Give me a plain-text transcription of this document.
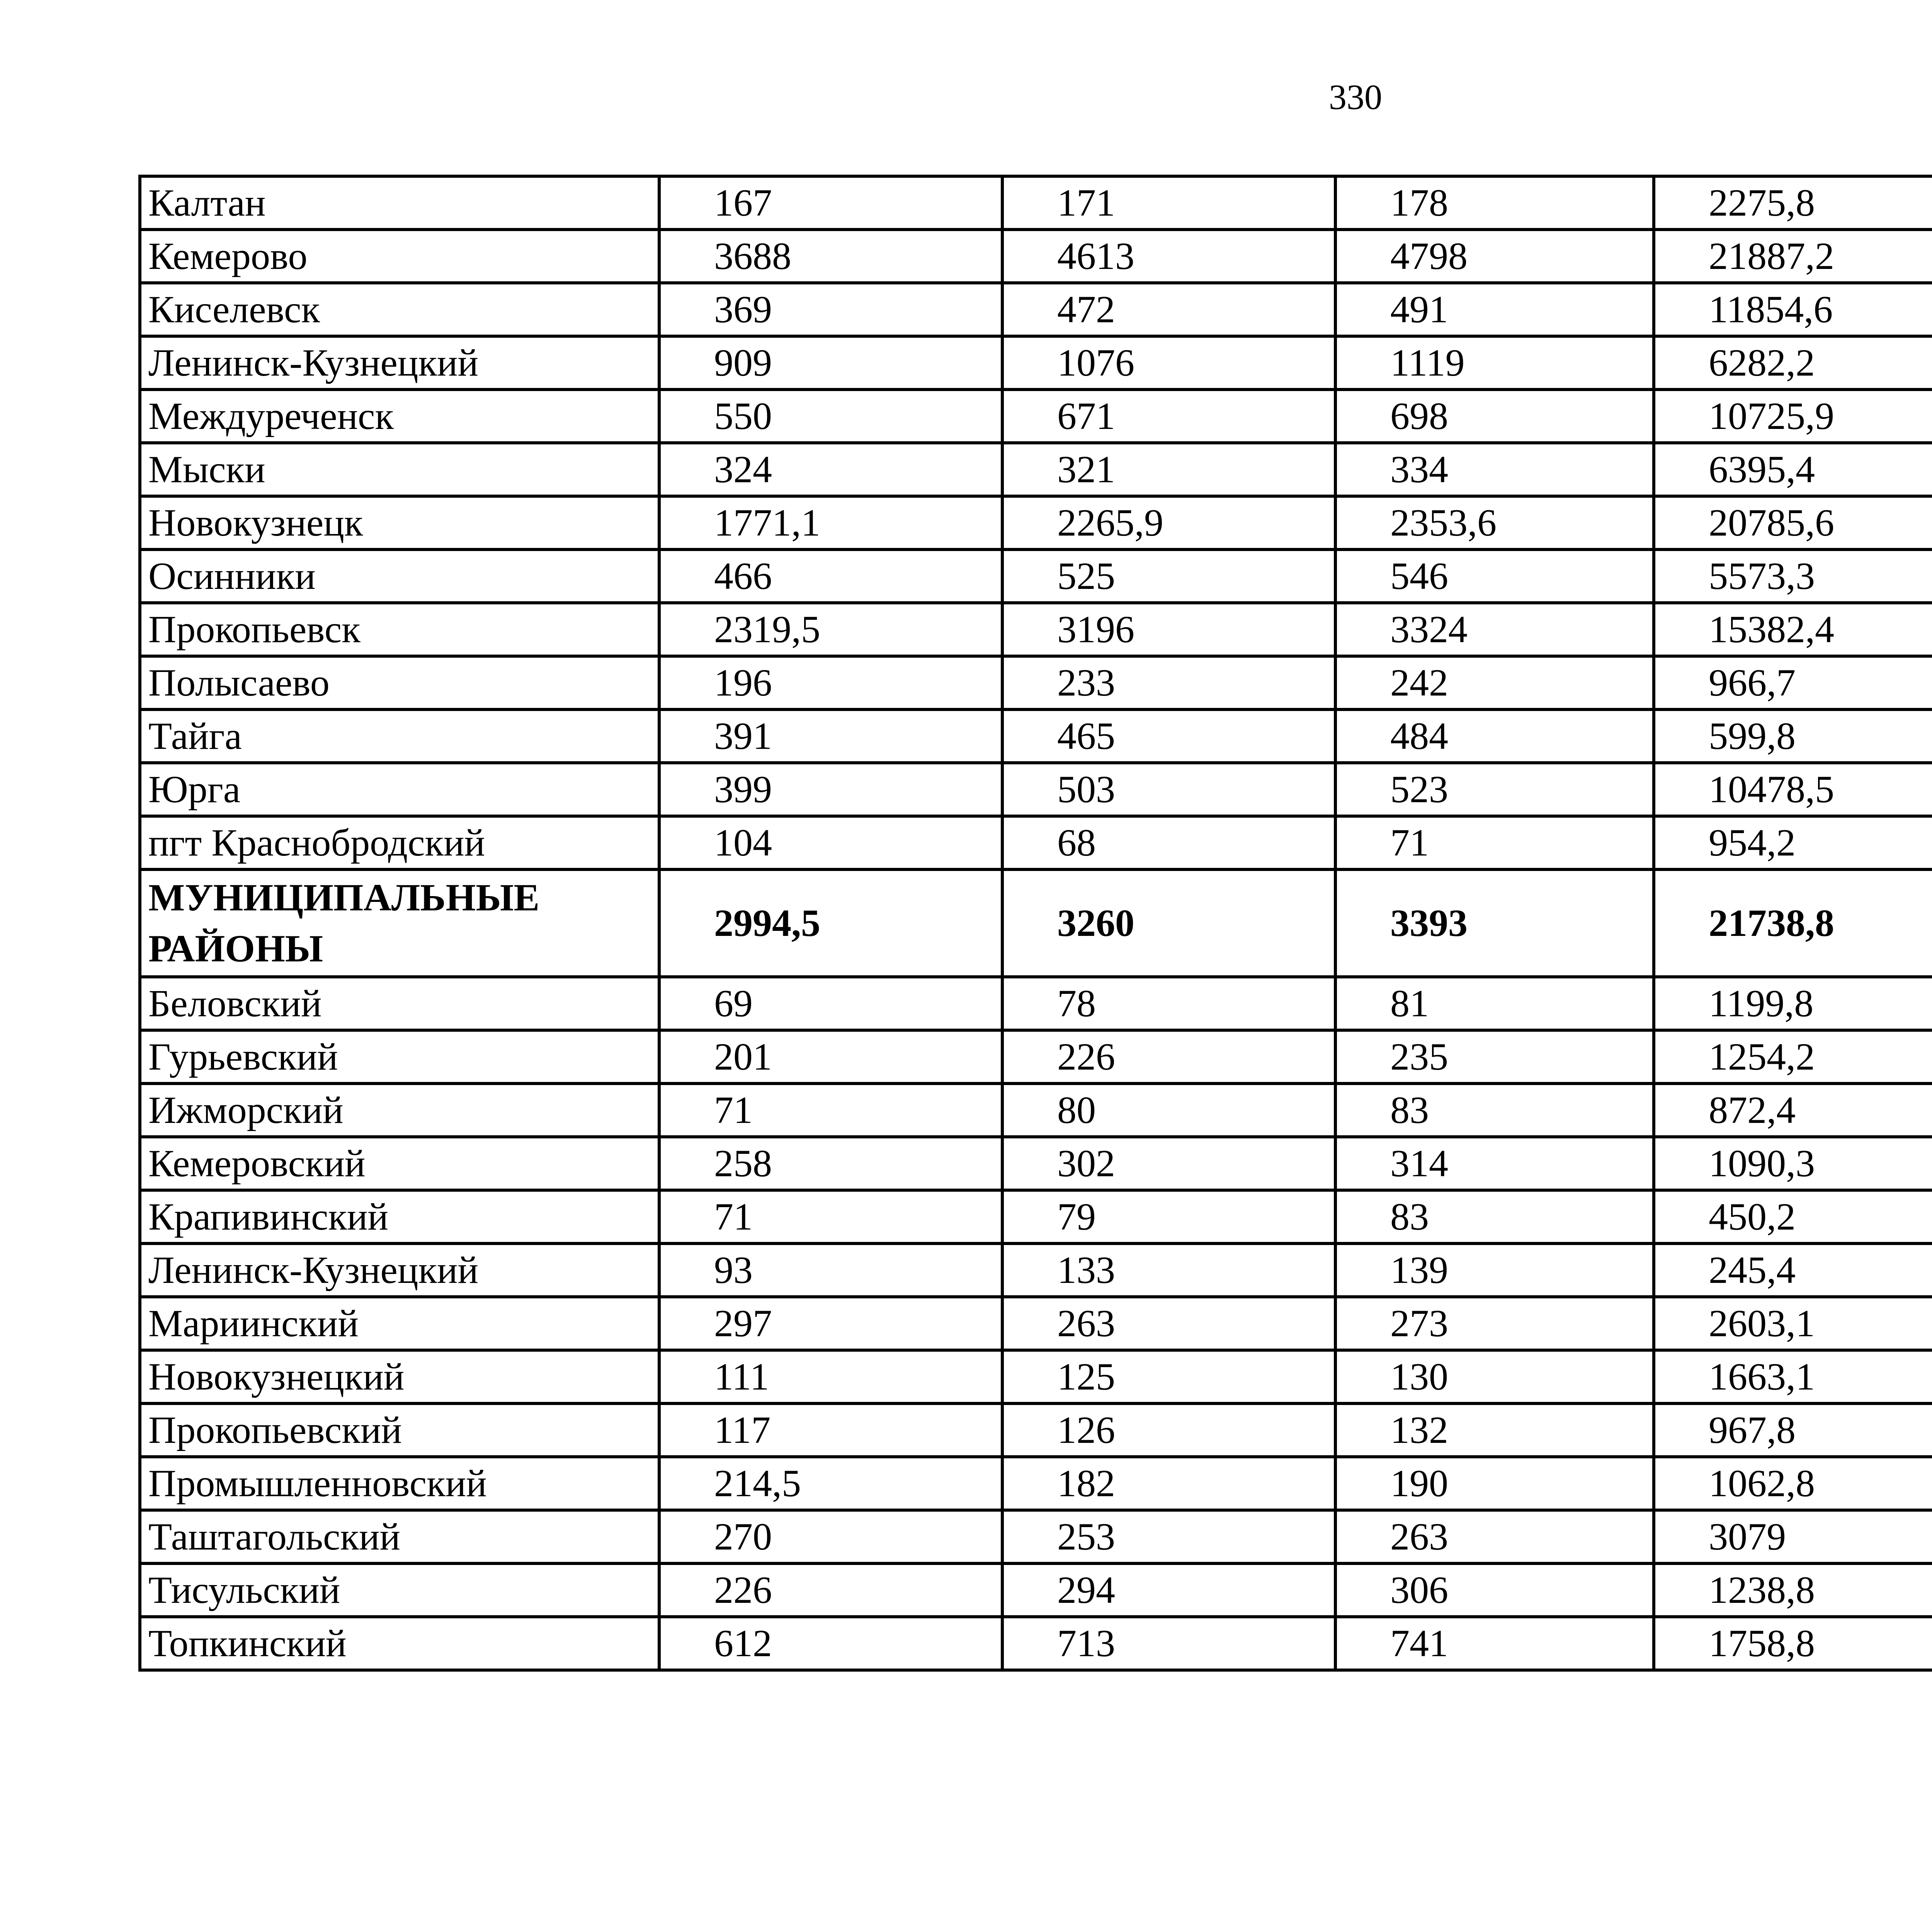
330
Калтан	167	171	178	2275,8		
Кемерово	3688	4613	4798	21887,2		
Киселевск	369	472	491	11854,6		
Ленинск-Кузнецкий	909	1076	1119	6282,2		
Междуреченск	550	671	698	10725,9		
Мыски	324	321	334	6395,4		
Новокузнецк	1771,1	2265,9	2353,6	20785,6		
Осинники	466	525	546	5573,3		
Прокопьевск	2319,5	3196	3324	15382,4		
Полысаево	196	233	242	966,7		
Тайга	391	465	484	599,8		
Юрга	399	503	523	10478,5		
пгт Краснобродский	104	68	71	954,2		
МУНИЦИПАЛЬНЫЕ РАЙОНЫ	2994,5	3260	3393	21738,8		
Беловский	69	78	81	1199,8		
Гурьевский	201	226	235	1254,2		
Ижморский	71	80	83	872,4		
Кемеровский	258	302	314	1090,3		
Крапивинский	71	79	83	450,2		
Ленинск-Кузнецкий	93	133	139	245,4		
Мариинский	297	263	273	2603,1		
Новокузнецкий	111	125	130	1663,1		
Прокопьевский	117	126	132	967,8		
Промышленновский	214,5	182	190	1062,8		
Таштагольский	270	253	263	3079		
Тисульский	226	294	306	1238,8		
Топкинский	612	713	741	1758,8		
